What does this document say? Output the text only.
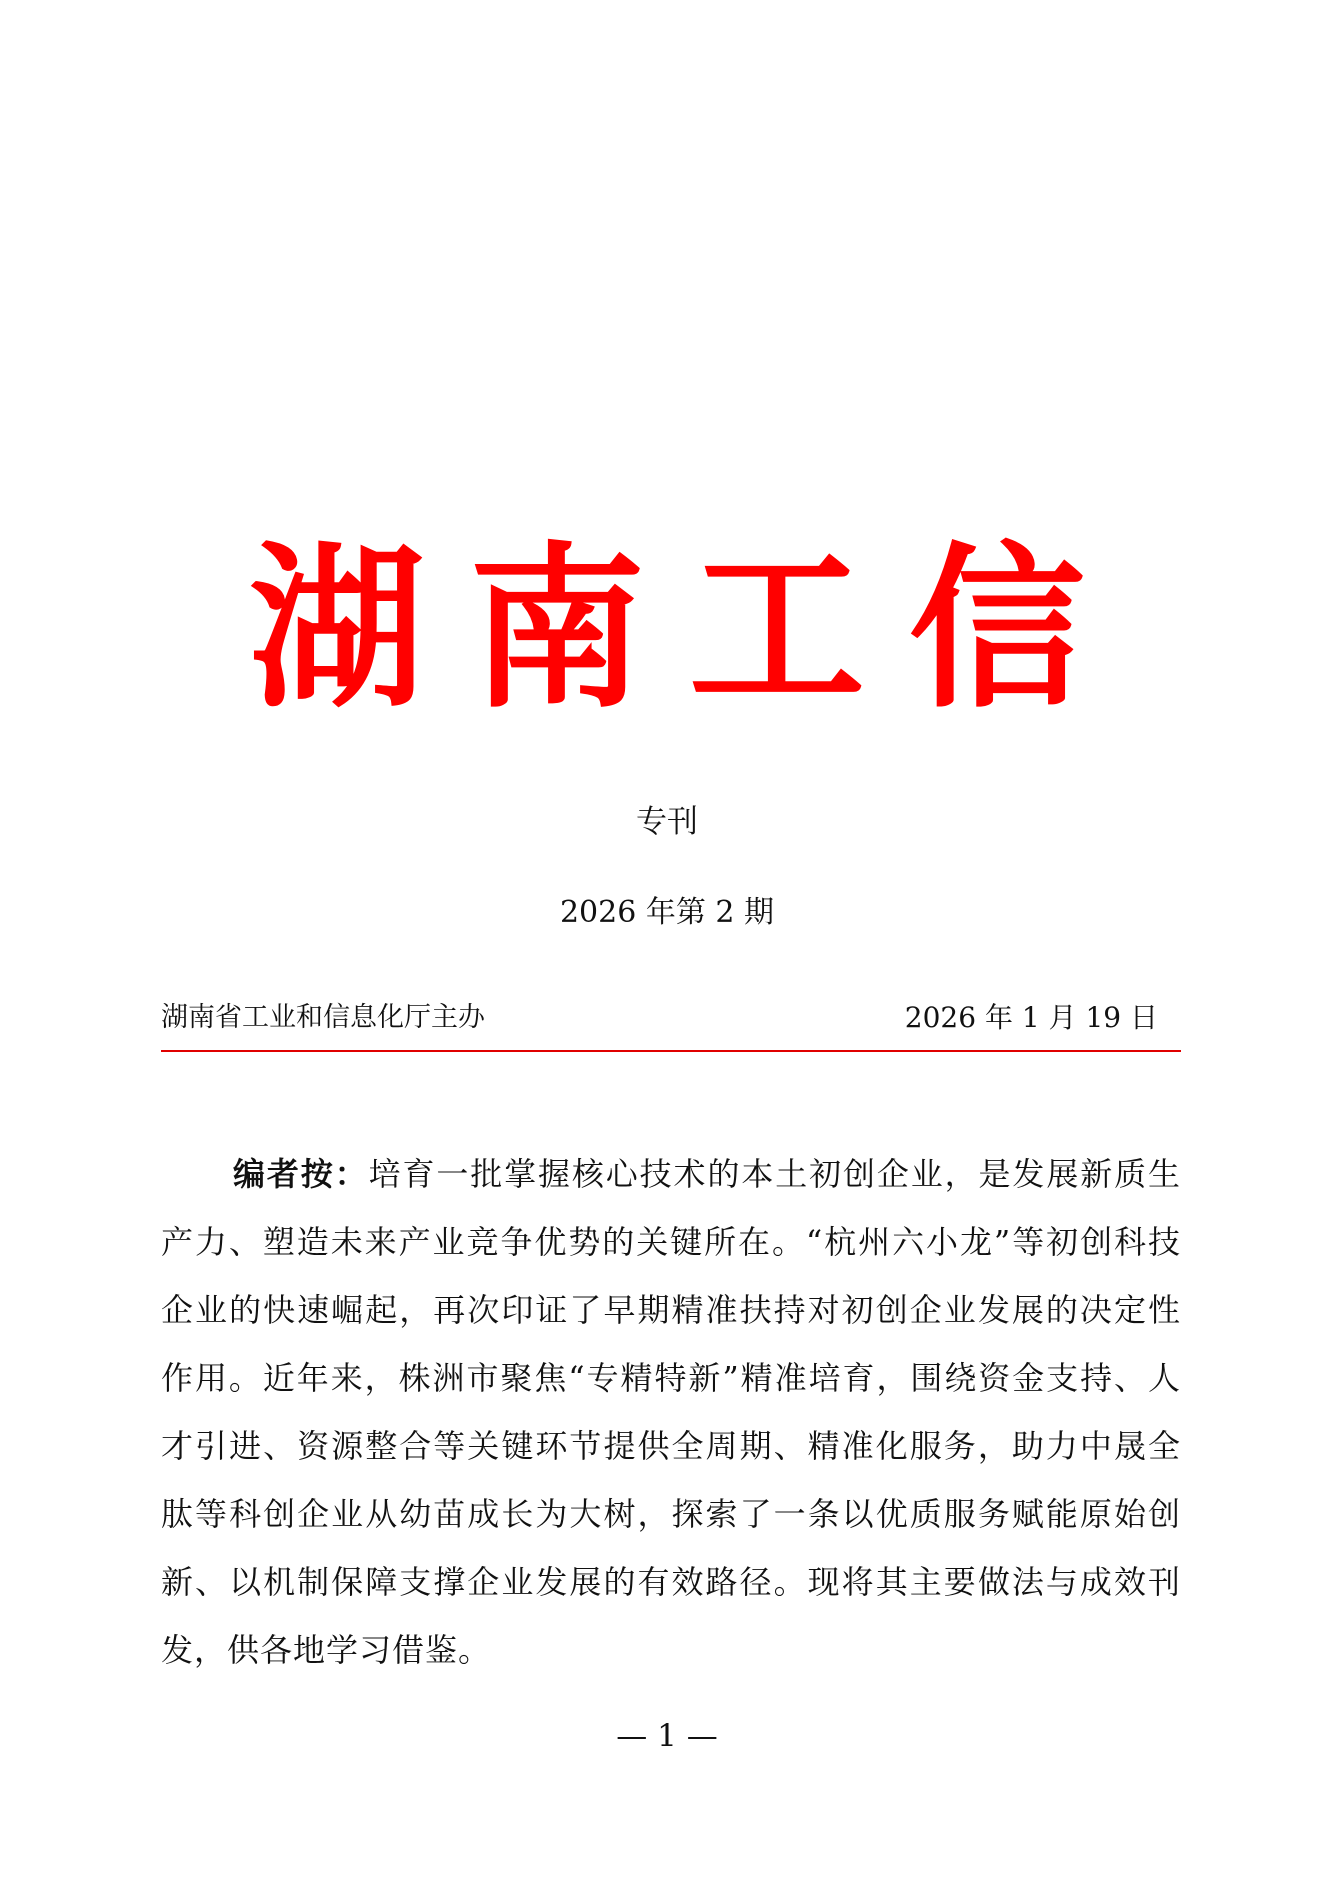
湖南工信
专刊
2026 年第 2 期
湖南省工业和信息化厅主办	2026 年 1 月 19 日

编者按：培育一批掌握核心技术的本土初创企业，是发展新质生产力、塑造未来产业竞争优势的关键所在。“杭州六小龙”等初创科技企业的快速崛起，再次印证了早期精准扶持对初创企业发展的决定性作用。近年来，株洲市聚焦“专精特新”精准培育，围绕资金支持、人才引进、资源整合等关键环节提供全周期、精准化服务，助力中晟全肽等科创企业从幼苗成长为大树，探索了一条以优质服务赋能原始创新、以机制保障支撑企业发展的有效路径。现将其主要做法与成效刊发，供各地学习借鉴。

— 1 —
